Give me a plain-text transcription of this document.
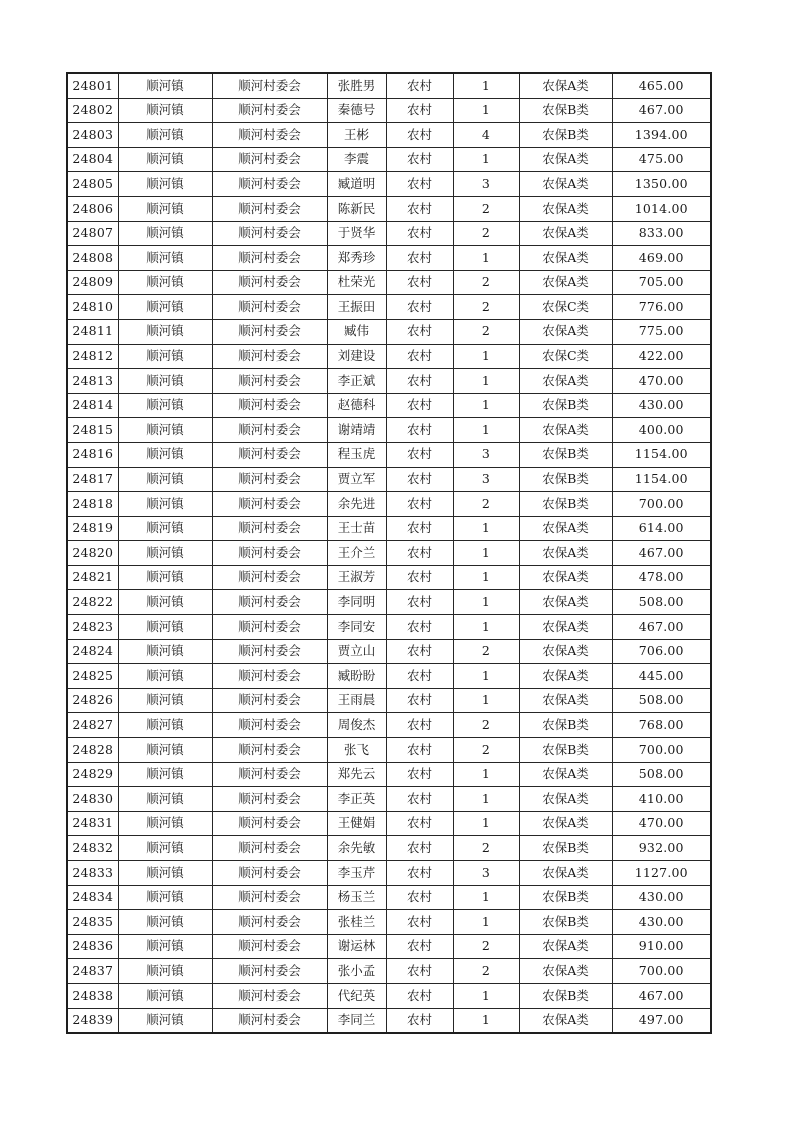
24801	顺河镇	顺河村委会	张胜男	农村	1	农保A类	465.00
24802	顺河镇	顺河村委会	秦德号	农村	1	农保B类	467.00
24803	顺河镇	顺河村委会	王彬	农村	4	农保B类	1394.00
24804	顺河镇	顺河村委会	李震	农村	1	农保A类	475.00
24805	顺河镇	顺河村委会	臧道明	农村	3	农保A类	1350.00
24806	顺河镇	顺河村委会	陈新民	农村	2	农保A类	1014.00
24807	顺河镇	顺河村委会	于贤华	农村	2	农保A类	833.00
24808	顺河镇	顺河村委会	郑秀珍	农村	1	农保A类	469.00
24809	顺河镇	顺河村委会	杜荣光	农村	2	农保A类	705.00
24810	顺河镇	顺河村委会	王振田	农村	2	农保C类	776.00
24811	顺河镇	顺河村委会	臧伟	农村	2	农保A类	775.00
24812	顺河镇	顺河村委会	刘建设	农村	1	农保C类	422.00
24813	顺河镇	顺河村委会	李正斌	农村	1	农保A类	470.00
24814	顺河镇	顺河村委会	赵德科	农村	1	农保B类	430.00
24815	顺河镇	顺河村委会	谢靖靖	农村	1	农保A类	400.00
24816	顺河镇	顺河村委会	程玉虎	农村	3	农保B类	1154.00
24817	顺河镇	顺河村委会	贾立军	农村	3	农保B类	1154.00
24818	顺河镇	顺河村委会	余先进	农村	2	农保B类	700.00
24819	顺河镇	顺河村委会	王士苗	农村	1	农保A类	614.00
24820	顺河镇	顺河村委会	王介兰	农村	1	农保A类	467.00
24821	顺河镇	顺河村委会	王淑芳	农村	1	农保A类	478.00
24822	顺河镇	顺河村委会	李同明	农村	1	农保A类	508.00
24823	顺河镇	顺河村委会	李同安	农村	1	农保A类	467.00
24824	顺河镇	顺河村委会	贾立山	农村	2	农保A类	706.00
24825	顺河镇	顺河村委会	臧盼盼	农村	1	农保A类	445.00
24826	顺河镇	顺河村委会	王雨晨	农村	1	农保A类	508.00
24827	顺河镇	顺河村委会	周俊杰	农村	2	农保B类	768.00
24828	顺河镇	顺河村委会	张飞	农村	2	农保B类	700.00
24829	顺河镇	顺河村委会	郑先云	农村	1	农保A类	508.00
24830	顺河镇	顺河村委会	李正英	农村	1	农保A类	410.00
24831	顺河镇	顺河村委会	王健娟	农村	1	农保A类	470.00
24832	顺河镇	顺河村委会	余先敏	农村	2	农保B类	932.00
24833	顺河镇	顺河村委会	李玉芹	农村	3	农保A类	1127.00
24834	顺河镇	顺河村委会	杨玉兰	农村	1	农保B类	430.00
24835	顺河镇	顺河村委会	张桂兰	农村	1	农保B类	430.00
24836	顺河镇	顺河村委会	谢运林	农村	2	农保A类	910.00
24837	顺河镇	顺河村委会	张小孟	农村	2	农保A类	700.00
24838	顺河镇	顺河村委会	代纪英	农村	1	农保B类	467.00
24839	顺河镇	顺河村委会	李同兰	农村	1	农保A类	497.00
